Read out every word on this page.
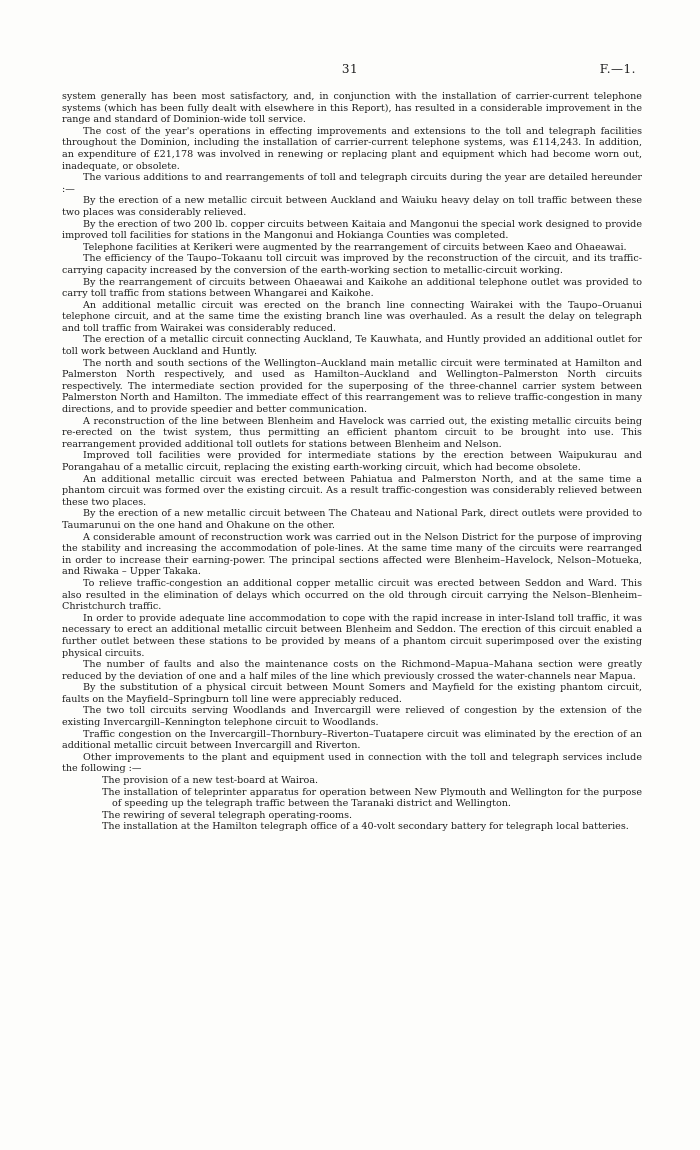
31	F.—1.

system generally has been most satisfactory, and, in conjunction with the installation of carrier-current telephone systems (which has been fully dealt with elsewhere in this Report), has resulted in a considerable improvement in the range and standard of Dominion-wide toll service.

The cost of the year's operations in effecting improvements and extensions to the toll and telegraph facilities throughout the Dominion, including the installation of carrier-current telephone systems, was £114,243. In addition, an expenditure of £21,178 was involved in renewing or replacing plant and equipment which had become worn out, inadequate, or obsolete.

The various additions to and rearrangements of toll and telegraph circuits during the year are detailed hereunder :—

By the erection of a new metallic circuit between Auckland and Waiuku heavy delay on toll traffic between these two places was considerably relieved.

By the erection of two 200 lb. copper circuits between Kaitaia and Mangonui the special work designed to provide improved toll facilities for stations in the Mangonui and Hokianga Counties was completed.

Telephone facilities at Kerikeri were augmented by the rearrangement of circuits between Kaeo and Ohaeawai.

The efficiency of the Taupo–Tokaanu toll circuit was improved by the reconstruction of the circuit, and its traffic-carrying capacity increased by the conversion of the earth-working section to metallic-circuit working.

By the rearrangement of circuits between Ohaeawai and Kaikohe an additional telephone outlet was provided to carry toll traffic from stations between Whangarei and Kaikohe.

An additional metallic circuit was erected on the branch line connecting Wairakei with the Taupo–Oruanui telephone circuit, and at the same time the existing branch line was overhauled. As a result the delay on telegraph and toll traffic from Wairakei was considerably reduced.

The erection of a metallic circuit connecting Auckland, Te Kauwhata, and Huntly provided an additional outlet for toll work between Auckland and Huntly.

The north and south sections of the Wellington–Auckland main metallic circuit were terminated at Hamilton and Palmerston North respectively, and used as Hamilton–Auckland and Wellington–Palmerston North circuits respectively. The intermediate section provided for the superposing of the three-channel carrier system between Palmerston North and Hamilton. The immediate effect of this rearrangement was to relieve traffic-congestion in many directions, and to provide speedier and better communication.

A reconstruction of the line between Blenheim and Havelock was carried out, the existing metallic circuits being re-erected on the twist system, thus permitting an efficient phantom circuit to be brought into use. This rearrangement provided additional toll outlets for stations between Blenheim and Nelson.

Improved toll facilities were provided for intermediate stations by the erection between Waipukurau and Porangahau of a metallic circuit, replacing the existing earth-working circuit, which had become obsolete.

An additional metallic circuit was erected between Pahiatua and Palmerston North, and at the same time a phantom circuit was formed over the existing circuit. As a result traffic-congestion was considerably relieved between these two places.

By the erection of a new metallic circuit between The Chateau and National Park, direct outlets were provided to Taumarunui on the one hand and Ohakune on the other.

A considerable amount of reconstruction work was carried out in the Nelson District for the purpose of improving the stability and increasing the accommodation of pole-lines. At the same time many of the circuits were rearranged in order to increase their earning-power. The principal sections affected were Blenheim–Havelock, Nelson–Motueka, and Riwaka – Upper Takaka.

To relieve traffic-congestion an additional copper metallic circuit was erected between Seddon and Ward. This also resulted in the elimination of delays which occurred on the old through circuit carrying the Nelson–Blenheim–Christchurch traffic.

In order to provide adequate line accommodation to cope with the rapid increase in inter-Island toll traffic, it was necessary to erect an additional metallic circuit between Blenheim and Seddon. The erection of this circuit enabled a further outlet between these stations to be provided by means of a phantom circuit superimposed over the existing physical circuits.

The number of faults and also the maintenance costs on the Richmond–Mapua–Mahana section were greatly reduced by the deviation of one and a half miles of the line which previously crossed the water-channels near Mapua.

By the substitution of a physical circuit between Mount Somers and Mayfield for the existing phantom circuit, faults on the Mayfield–Springburn toll line were appreciably reduced.

The two toll circuits serving Woodlands and Invercargill were relieved of congestion by the extension of the existing Invercargill–Kennington telephone circuit to Woodlands.

Traffic congestion on the Invercargill–Thornbury–Riverton–Tuatapere circuit was eliminated by the erection of an additional metallic circuit between Invercargill and Riverton.

Other improvements to the plant and equipment used in connection with the toll and telegraph services include the following :—

The provision of a new test-board at Wairoa.
The installation of teleprinter apparatus for operation between New Plymouth and Wellington for the purpose of speeding up the telegraph traffic between the Taranaki district and Wellington.
The rewiring of several telegraph operating-rooms.
The installation at the Hamilton telegraph office of a 40-volt secondary battery for telegraph local batteries.
